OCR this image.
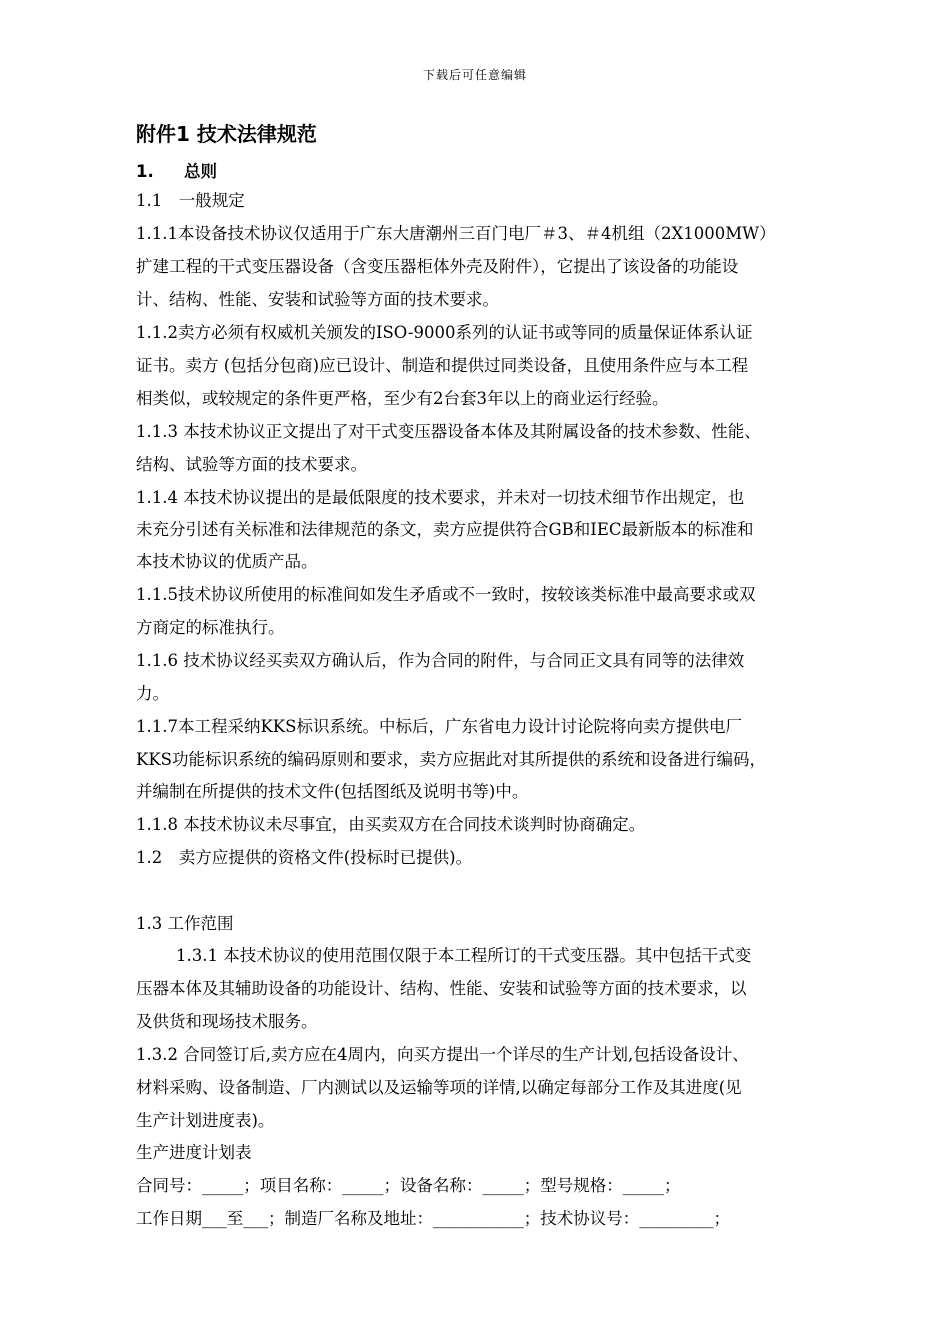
下载后可任意编辑
附件1 技术法律规范
1. 总则
1.1　一般规定
1.1.1本设备技术协议仅适用于广东大唐潮州三百门电厂＃3、＃4机组（2X1000MW）
扩建工程的干式变压器设备（含变压器柜体外壳及附件），它提出了该设备的功能设
计、结构、性能、安装和试验等方面的技术要求。
1.1.2卖方必须有权威机关颁发的ISO-9000系列的认证书或等同的质量保证体系认证
证书。卖方 (包括分包商)应已设计、制造和提供过同类设备，且使用条件应与本工程
相类似，或较规定的条件更严格，至少有2台套3年以上的商业运行经验。
1.1.3 本技术协议正文提出了对干式变压器设备本体及其附属设备的技术参数、性能、
结构、试验等方面的技术要求。
1.1.4 本技术协议提出的是最低限度的技术要求，并未对一切技术细节作出规定，也
未充分引述有关标准和法律规范的条文，卖方应提供符合GB和IEC最新版本的标准和
本技术协议的优质产品。
1.1.5技术协议所使用的标准间如发生矛盾或不一致时，按较该类标准中最高要求或双
方商定的标准执行。
1.1.6 技术协议经买卖双方确认后，作为合同的附件，与合同正文具有同等的法律效
力。
1.1.7本工程采纳KKS标识系统。中标后，广东省电力设计讨论院将向卖方提供电厂
KKS功能标识系统的编码原则和要求，卖方应据此对其所提供的系统和设备进行编码，
并编制在所提供的技术文件(包括图纸及说明书等)中。
1.1.8 本技术协议未尽事宜，由买卖双方在合同技术谈判时协商确定。
1.2　卖方应提供的资格文件(投标时已提供)。
1.3 工作范围
1.3.1 本技术协议的使用范围仅限于本工程所订的干式变压器。其中包括干式变
压器本体及其辅助设备的功能设计、结构、性能、安装和试验等方面的技术要求，以
及供货和现场技术服务。
1.3.2 合同签订后,卖方应在4周内，向买方提出一个详尽的生产计划,包括设备设计、
材料采购、设备制造、厂内测试以及运输等项的详情,以确定每部分工作及其进度(见
生产计划进度表)。
生产进度计划表
合同号：_____；项目名称：_____；设备名称：_____；型号规格：_____；
工作日期___至___；制造厂名称及地址：___________；技术协议号：_________；
